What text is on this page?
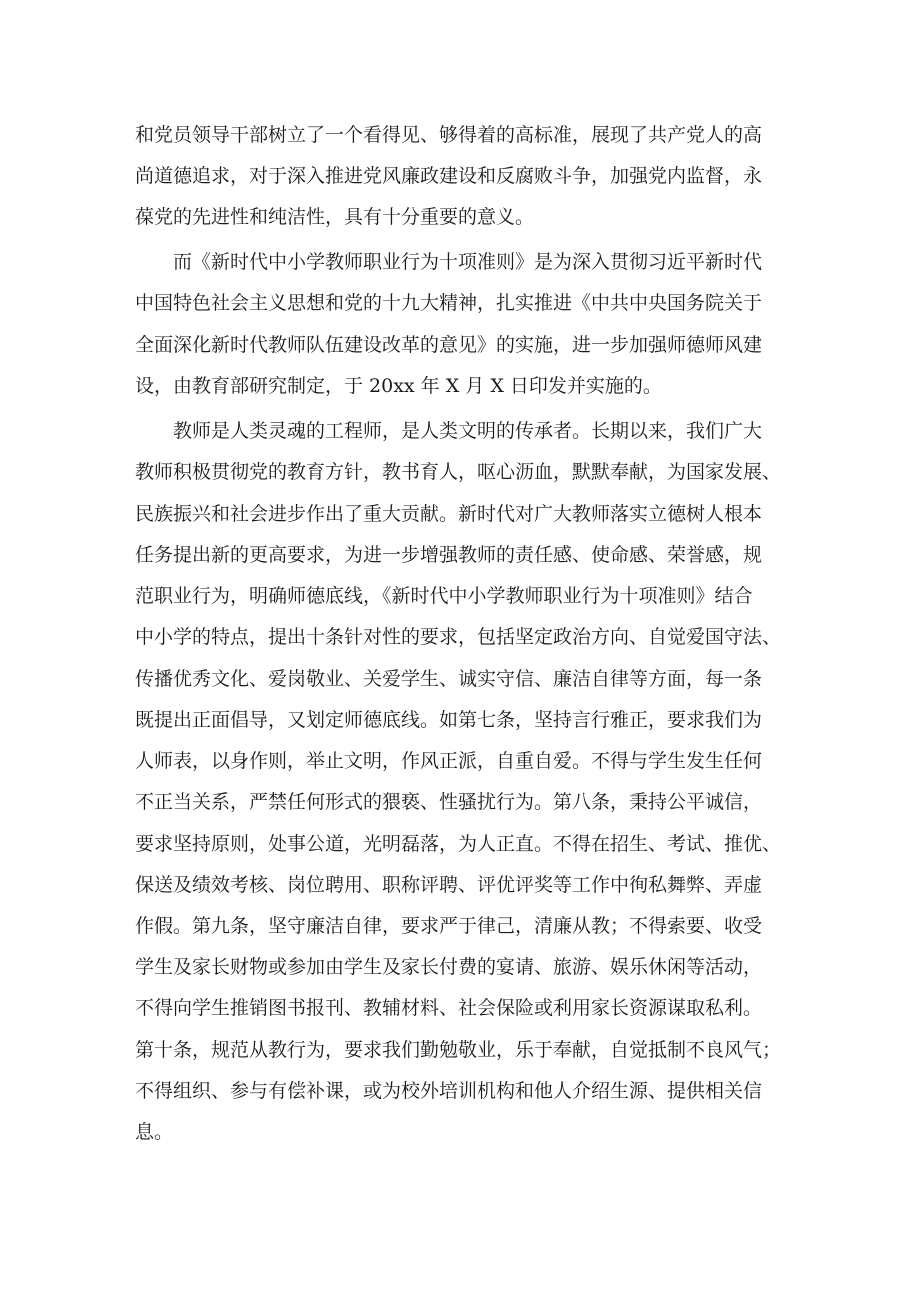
和党员领导干部树立了一个看得见、够得着的高标准，展现了共产党人的高
尚道德追求，对于深入推进党风廉政建设和反腐败斗争，加强党内监督，永
葆党的先进性和纯洁性，具有十分重要的意义。
而《新时代中小学教师职业行为十项准则》是为深入贯彻习近平新时代
中国特色社会主义思想和党的十九大精神，扎实推进《中共中央国务院关于
全面深化新时代教师队伍建设改革的意见》的实施，进一步加强师德师风建
设，由教育部研究制定，于 20xx 年 X 月 X 日印发并实施的。
教师是人类灵魂的工程师，是人类文明的传承者。长期以来，我们广大
教师积极贯彻党的教育方针，教书育人，呕心沥血，默默奉献，为国家发展、
民族振兴和社会进步作出了重大贡献。新时代对广大教师落实立德树人根本
任务提出新的更高要求，为进一步增强教师的责任感、使命感、荣誉感，规
范职业行为，明确师德底线，《新时代中小学教师职业行为十项准则》结合
中小学的特点，提出十条针对性的要求，包括坚定政治方向、自觉爱国守法、
传播优秀文化、爱岗敬业、关爱学生、诚实守信、廉洁自律等方面，每一条
既提出正面倡导，又划定师德底线。如第七条，坚持言行雅正，要求我们为
人师表，以身作则，举止文明，作风正派，自重自爱。不得与学生发生任何
不正当关系，严禁任何形式的猥亵、性骚扰行为。第八条，秉持公平诚信，
要求坚持原则，处事公道，光明磊落，为人正直。不得在招生、考试、推优、
保送及绩效考核、岗位聘用、职称评聘、评优评奖等工作中徇私舞弊、弄虚
作假。第九条，坚守廉洁自律，要求严于律己，清廉从教；不得索要、收受
学生及家长财物或参加由学生及家长付费的宴请、旅游、娱乐休闲等活动，
不得向学生推销图书报刊、教辅材料、社会保险或利用家长资源谋取私利。
第十条，规范从教行为，要求我们勤勉敬业，乐于奉献，自觉抵制不良风气；
不得组织、参与有偿补课，或为校外培训机构和他人介绍生源、提供相关信
息。
